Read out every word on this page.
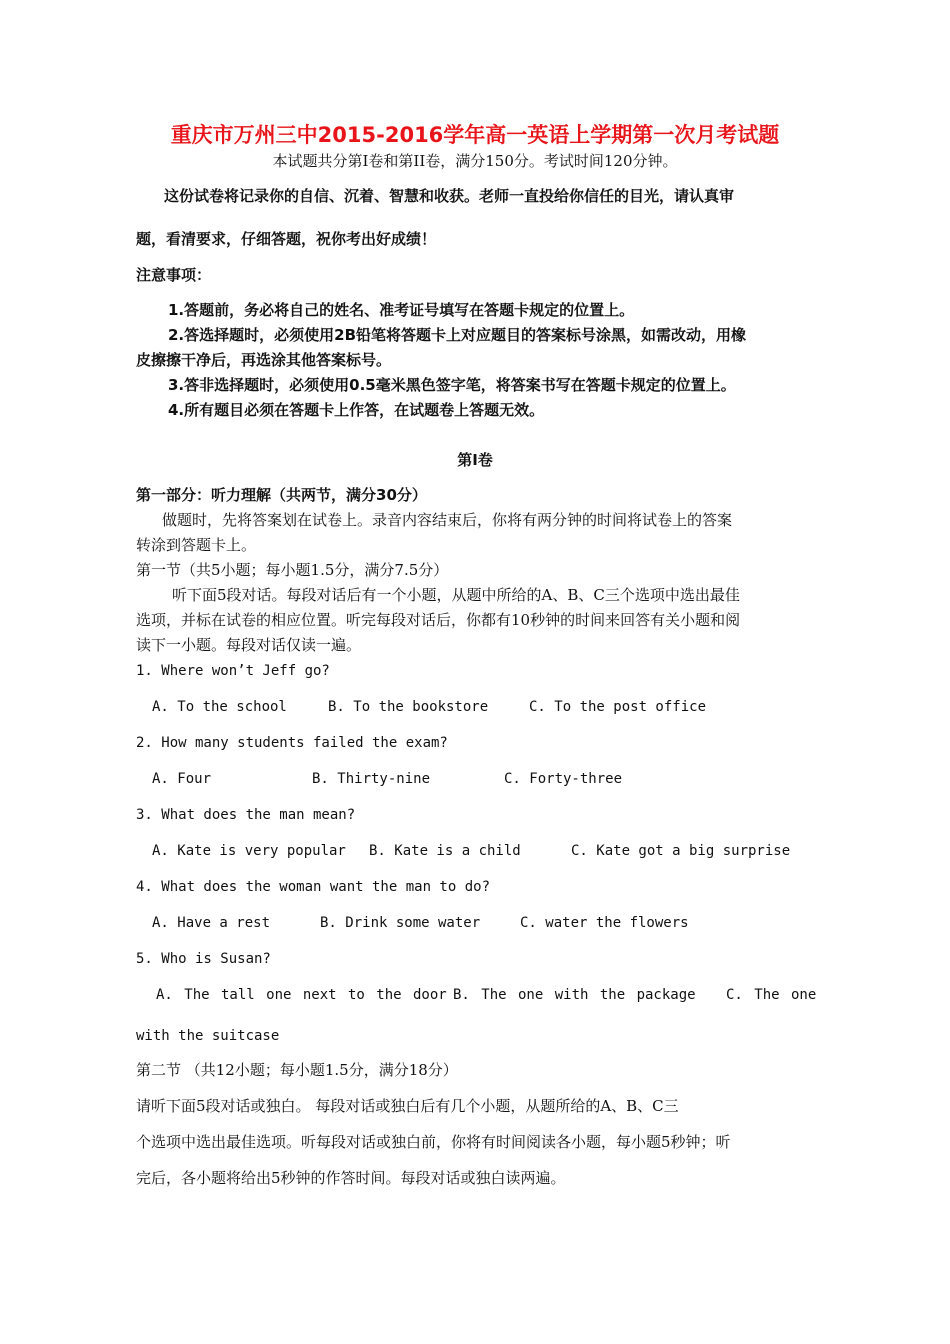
重庆市万州三中2015-2016学年高一英语上学期第一次月考试题
本试题共分第Ⅰ卷和第II卷，满分150分。考试时间120分钟。
这份试卷将记录你的自信、沉着、智慧和收获。老师一直投给你信任的目光，请认真审
题，看清要求，仔细答题，祝你考出好成绩！
注意事项：
1.答题前，务必将自己的姓名、准考证号填写在答题卡规定的位置上。
2.答选择题时，必须使用2B铅笔将答题卡上对应题目的答案标号涂黑，如需改动，用橡
皮擦擦干净后，再选涂其他答案标号。
3.答非选择题时，必须使用0.5毫米黑色签字笔，将答案书写在答题卡规定的位置上。
4.所有题目必须在答题卡上作答，在试题卷上答题无效。
第Ⅰ卷
第一部分：听力理解（共两节，满分30分）
做题时，先将答案划在试卷上。录音内容结束后，你将有两分钟的时间将试卷上的答案
转涂到答题卡上。
第一节（共5小题；每小题1.5分，满分7.5分）
听下面5段对话。每段对话后有一个小题，从题中所给的A、B、C三个选项中选出最佳
选项，并标在试卷的相应位置。听完每段对话后，你都有10秒钟的时间来回答有关小题和阅
读下一小题。每段对话仅读一遍。
1. Where won’t Jeff go?
A. To the school	B. To the bookstore	C. To the post office
2. How many students failed the exam?
A. Four	B. Thirty-nine	C. Forty-three
3. What does the man mean?
A. Kate is very popular B. Kate is a child	C. Kate got a big surprise
4. What does the woman want the man to do?
A. Have a rest	B. Drink some water	C. water the flowers
5. Who is Susan?
A. The tall one next to the door B. The one with the package C. The one
with the suitcase
第二节 （共12小题；每小题1.5分，满分18分）
请听下面5段对话或独白。 每段对话或独白后有几个小题，从题所给的A、B、C三
个选项中选出最佳选项。听每段对话或独白前，你将有时间阅读各小题，每小题5秒钟；听
完后，各小题将给出5秒钟的作答时间。每段对话或独白读两遍。
